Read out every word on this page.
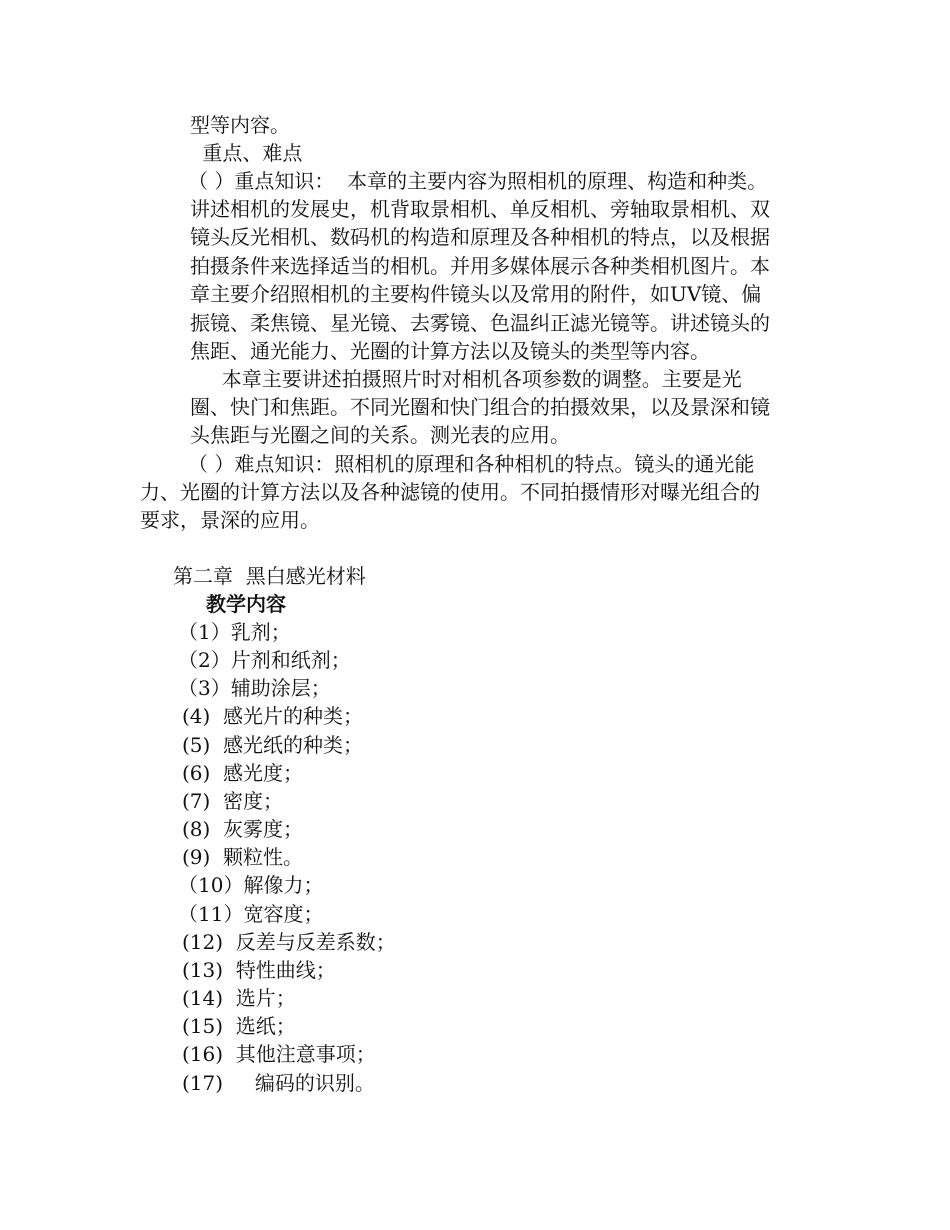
型等内容。
重点、难点
（ ）重点知识：  本章的主要内容为照相机的原理、构造和种类。
讲述相机的发展史，机背取景相机、单反相机、旁轴取景相机、双
镜头反光相机、数码机的构造和原理及各种相机的特点，以及根据
拍摄条件来选择适当的相机。并用多媒体展示各种类相机图片。本
章主要介绍照相机的主要构件镜头以及常用的附件，如UV镜、偏
振镜、柔焦镜、星光镜、去雾镜、色温纠正滤光镜等。讲述镜头的
焦距、通光能力、光圈的计算方法以及镜头的类型等内容。
本章主要讲述拍摄照片时对相机各项参数的调整。主要是光
圈、快门和焦距。不同光圈和快门组合的拍摄效果，以及景深和镜
头焦距与光圈之间的关系。测光表的应用。
（ ）难点知识：照相机的原理和各种相机的特点。镜头的通光能
力、光圈的计算方法以及各种滤镜的使用。不同拍摄情形对曝光组合的
要求，景深的应用。
第二章  黑白感光材料
教学内容
（1）乳剂；
（2）片剂和纸剂；
（3）辅助涂层；
(4)  感光片的种类；
(5)  感光纸的种类；
(6)  感光度；
(7)  密度；
(8)  灰雾度；
(9)  颗粒性。
（10）解像力；
（11）宽容度；
(12)  反差与反差系数；
(13)  特性曲线；
(14)  选片；
(15)  选纸；
(16)  其他注意事项；
(17)     编码的识别。
